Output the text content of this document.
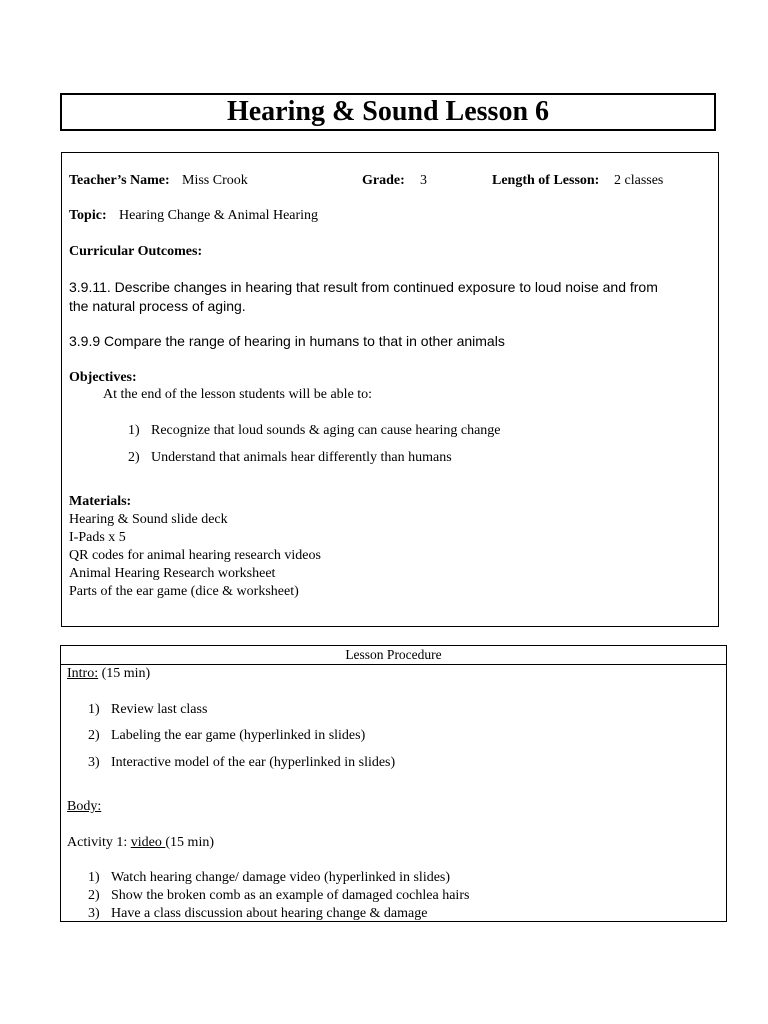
Hearing & Sound Lesson 6
Teacher’s Name: Miss Crook	Grade: 3	Length of Lesson: 2 classes
Topic: Hearing Change & Animal Hearing
Curricular Outcomes:
3.9.11. Describe changes in hearing that result from continued exposure to loud noise and from
the natural process of aging.
3.9.9 Compare the range of hearing in humans to that in other animals
Objectives:
At the end of the lesson students will be able to:
1) Recognize that loud sounds & aging can cause hearing change
2) Understand that animals hear differently than humans
Materials:
Hearing & Sound slide deck
I-Pads x 5
QR codes for animal hearing research videos
Animal Hearing Research worksheet
Parts of the ear game (dice & worksheet)
Lesson Procedure
Intro: (15 min)
1) Review last class
2) Labeling the ear game (hyperlinked in slides)
3) Interactive model of the ear (hyperlinked in slides)
Body:
Activity 1: video (15 min)
1) Watch hearing change/ damage video (hyperlinked in slides)
2) Show the broken comb as an example of damaged cochlea hairs
3) Have a class discussion about hearing change & damage
